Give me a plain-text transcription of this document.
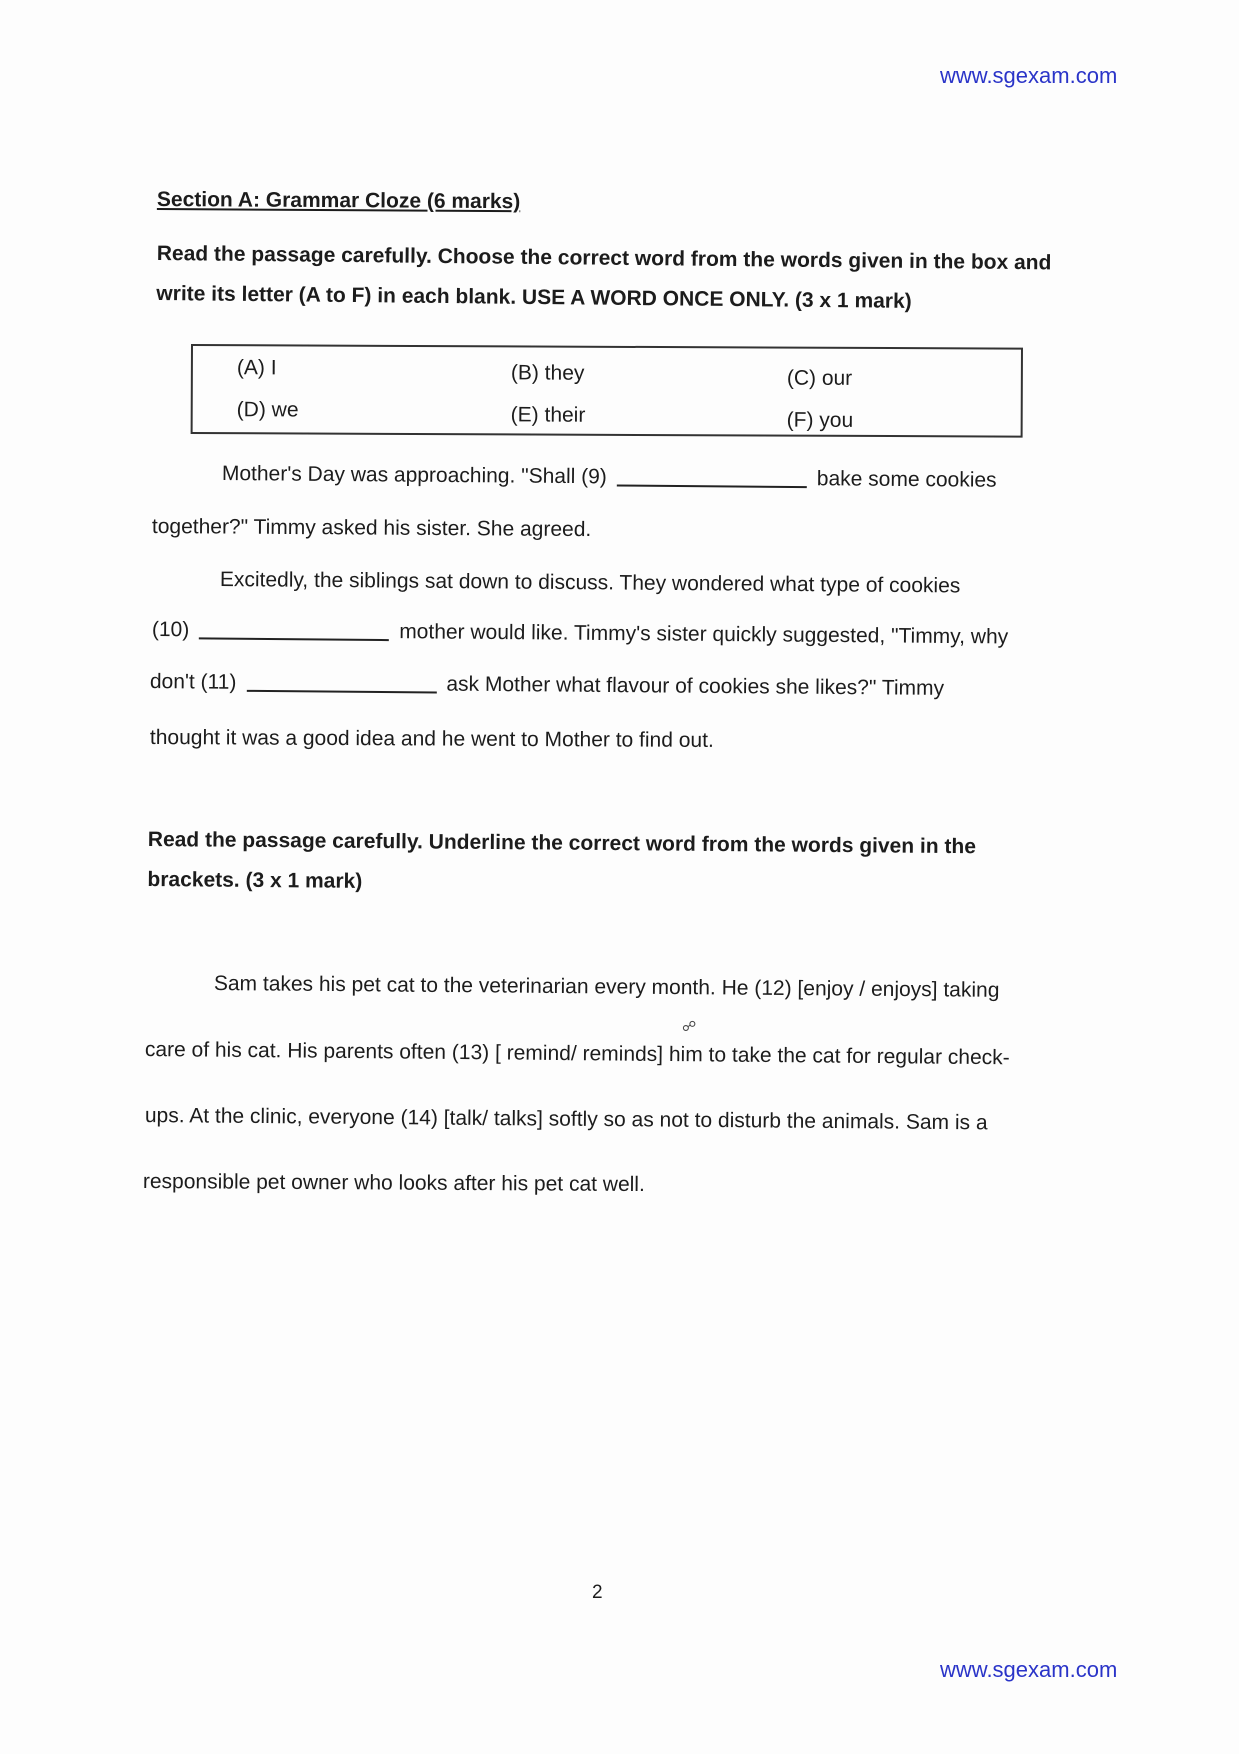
www.sgexam.com
Section A: Grammar Cloze (6 marks)
Read the passage carefully. Choose the correct word from the words given in the box and write its letter (A to F) in each blank. USE A WORD ONCE ONLY. (3 x 1 mark)
(A) I	(B) they	(C) our
(D) we	(E) their	(F) you
Mother's Day was approaching. "Shall (9)	bake some cookies
together?" Timmy asked his sister. She agreed.
Excitedly, the siblings sat down to discuss. They wondered what type of cookies
(10)	mother would like. Timmy's sister quickly suggested, "Timmy, why
don't (11)	ask Mother what flavour of cookies she likes?" Timmy
thought it was a good idea and he went to Mother to find out.
Read the passage carefully. Underline the correct word from the words given in the brackets. (3 x 1 mark)
Sam takes his pet cat to the veterinarian every month. He (12) [enjoy / enjoys] taking
☍
care of his cat. His parents often (13) [ remind/ reminds] him to take the cat for regular check-
ups. At the clinic, everyone (14) [talk/ talks] softly so as not to disturb the animals. Sam is a
responsible pet owner who looks after his pet cat well.
2
www.sgexam.com
